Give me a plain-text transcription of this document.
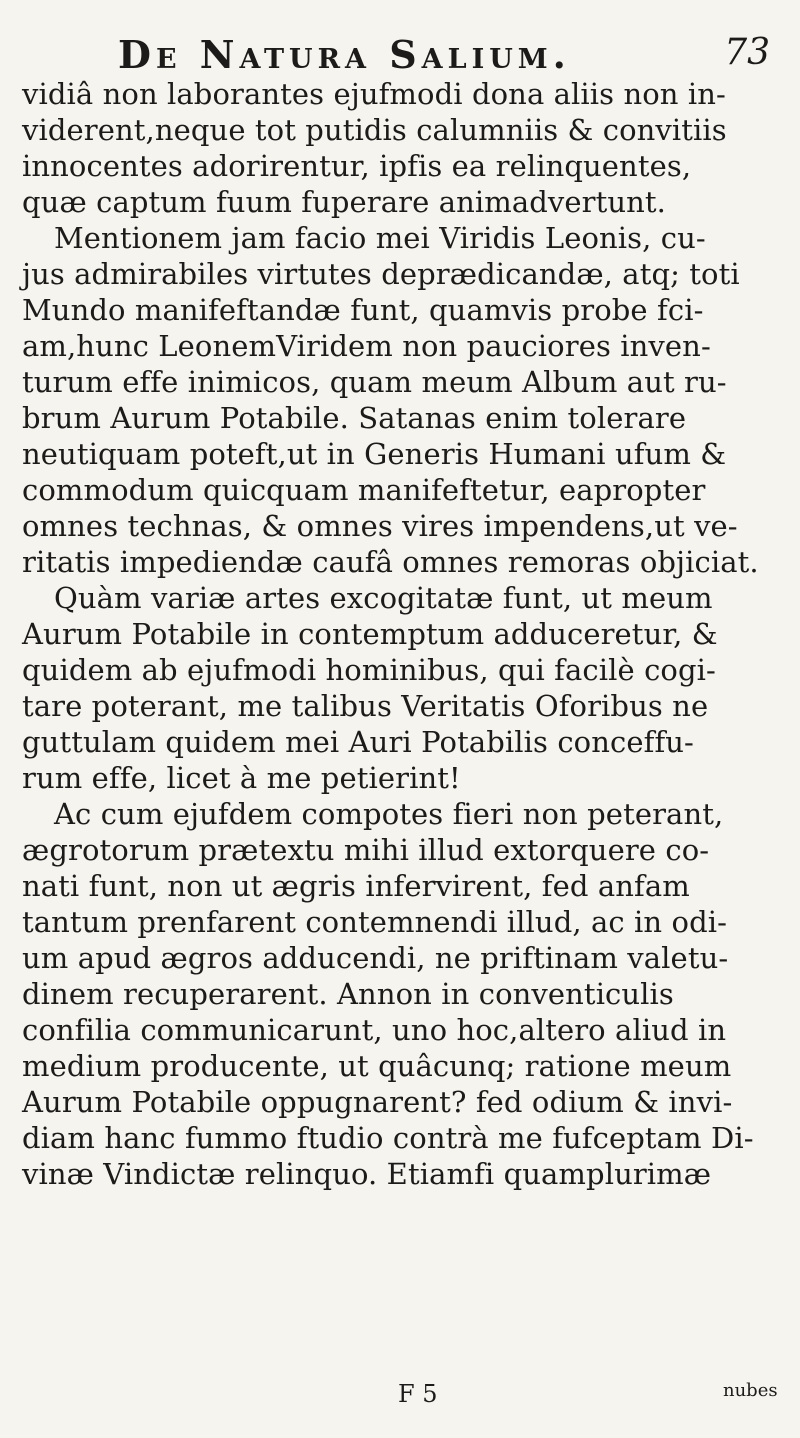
De Natura Salium.	73
vidiâ non laborantes ejufmodi dona aliis non in-
viderent,neque tot putidis calumniis & convitiis
innocentes adorirentur, ipfis ea relinquentes,
quæ captum fuum fuperare animadvertunt.
Mentionem jam facio mei Viridis Leonis, cu-
jus admirabiles virtutes deprædicandæ, atq; toti
Mundo manifeftandæ funt, quamvis probe fci-
am,hunc LeonemViridem non pauciores inven-
turum effe inimicos, quam meum Album aut ru-
brum Aurum Potabile. Satanas enim tolerare
neutiquam poteft,ut in Generis Humani ufum &
commodum quicquam manifeftetur, eapropter
omnes technas, & omnes vires impendens,ut ve-
ritatis impediendæ caufâ omnes remoras objiciat.
Quàm variæ artes excogitatæ funt, ut meum
Aurum Potabile in contemptum adduceretur, &
quidem ab ejufmodi hominibus, qui facilè cogi-
tare poterant, me talibus Veritatis Oforibus ne
guttulam quidem mei Auri Potabilis conceffu-
rum effe, licet à me petierint!
Ac cum ejufdem compotes fieri non peterant,
ægrotorum prætextu mihi illud extorquere co-
nati funt, non ut ægris infervirent, fed anfam
tantum prenfarent contemnendi illud, ac in odi-
um apud ægros adducendi, ne priftinam valetu-
dinem recuperarent. Annon in conventiculis
confilia communicarunt, uno hoc,altero aliud in
medium producente, ut quâcunq; ratione meum
Aurum Potabile oppugnarent? fed odium & invi-
diam hanc fummo ftudio contrà me fufceptam Di-
vinæ Vindictæ relinquo. Etiamfi quamplurimæ
F 5	nubes
